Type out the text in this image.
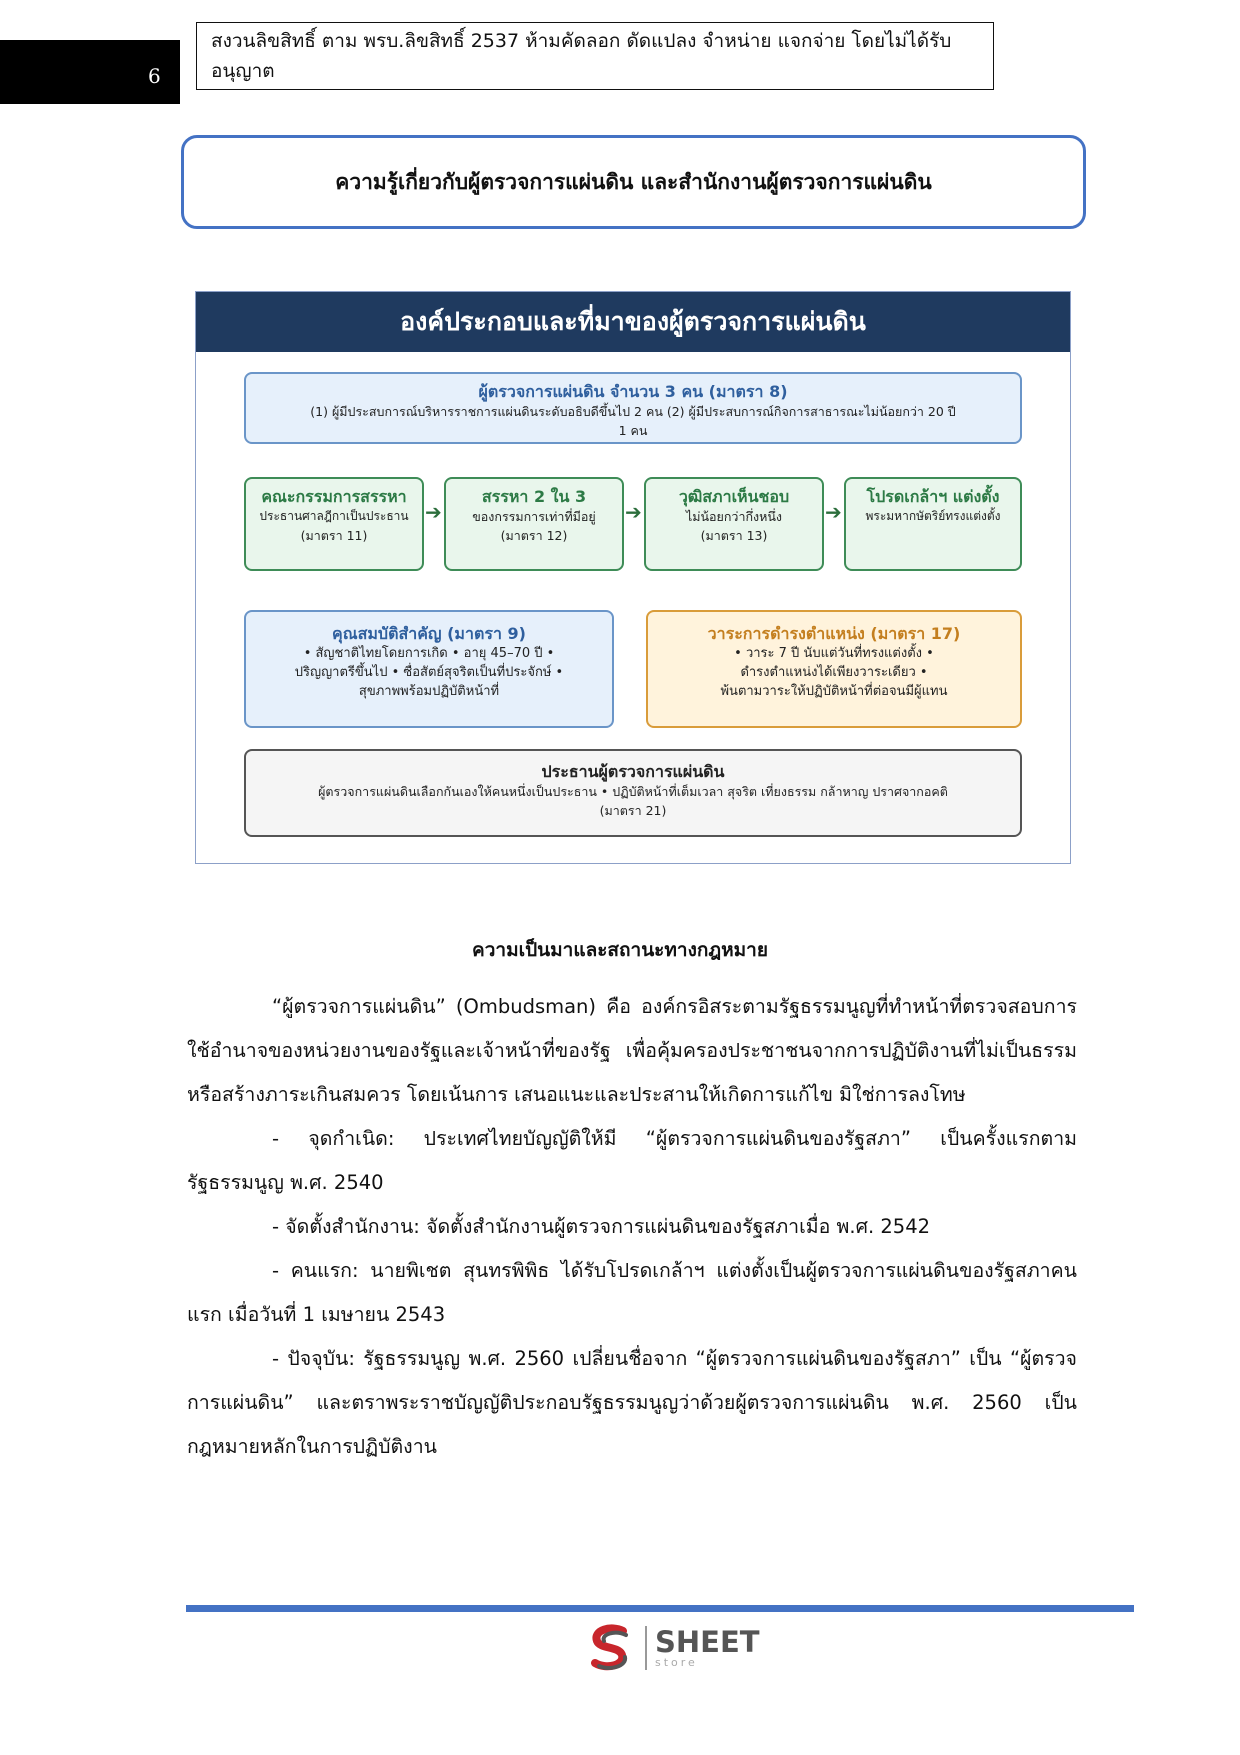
6
สงวนลิขสิทธิ์ ตาม พรบ.ลิขสิทธิ์ 2537 ห้ามคัดลอก ดัดแปลง จำหน่าย แจกจ่าย โดยไม่ได้รับอนุญาต
ความรู้เกี่ยวกับผู้ตรวจการแผ่นดิน และสำนักงานผู้ตรวจการแผ่นดิน
องค์ประกอบและที่มาของผู้ตรวจการแผ่นดิน
ผู้ตรวจการแผ่นดิน จำนวน 3 คน (มาตรา 8)
(1) ผู้มีประสบการณ์บริหารราชการแผ่นดินระดับอธิบดีขึ้นไป 2 คน (2) ผู้มีประสบการณ์กิจการสาธารณะไม่น้อยกว่า 20 ปี
1 คน
คณะกรรมการสรรหา
ประธานศาลฎีกาเป็นประธาน
(มาตรา 11)
➔
สรรหา 2 ใน 3
ของกรรมการเท่าที่มีอยู่
(มาตรา 12)
➔
วุฒิสภาเห็นชอบ
ไม่น้อยกว่ากึ่งหนึ่ง
(มาตรา 13)
➔
โปรดเกล้าฯ แต่งตั้ง
พระมหากษัตริย์ทรงแต่งตั้ง
คุณสมบัติสำคัญ (มาตรา 9)
• สัญชาติไทยโดยการเกิด • อายุ 45–70 ปี •
ปริญญาตรีขึ้นไป • ซื่อสัตย์สุจริตเป็นที่ประจักษ์ •
สุขภาพพร้อมปฏิบัติหน้าที่
วาระการดำรงตำแหน่ง (มาตรา 17)
• วาระ 7 ปี นับแต่วันที่ทรงแต่งตั้ง •
ดำรงตำแหน่งได้เพียงวาระเดียว •
พ้นตามวาระให้ปฏิบัติหน้าที่ต่อจนมีผู้แทน
ประธานผู้ตรวจการแผ่นดิน
ผู้ตรวจการแผ่นดินเลือกกันเองให้คนหนึ่งเป็นประธาน • ปฏิบัติหน้าที่เต็มเวลา สุจริต เที่ยงธรรม กล้าหาญ ปราศจากอคติ
(มาตรา 21)
ความเป็นมาและสถานะทางกฎหมาย
“ผู้ตรวจการแผ่นดิน” (Ombudsman) คือ องค์กรอิสระตามรัฐธรรมนูญที่ทำหน้าที่ตรวจสอบการใช้อำนาจของหน่วยงานของรัฐและเจ้าหน้าที่ของรัฐ เพื่อคุ้มครองประชาชนจากการปฏิบัติงานที่ไม่เป็นธรรมหรือสร้างภาระเกินสมควร โดยเน้นการ เสนอแนะและประสานให้เกิดการแก้ไข มิใช่การลงโทษ
- จุดกำเนิด: ประเทศไทยบัญญัติให้มี “ผู้ตรวจการแผ่นดินของรัฐสภา” เป็นครั้งแรกตามรัฐธรรมนูญ พ.ศ. 2540
- จัดตั้งสำนักงาน: จัดตั้งสำนักงานผู้ตรวจการแผ่นดินของรัฐสภาเมื่อ พ.ศ. 2542
- คนแรก: นายพิเชต สุนทรพิพิธ ได้รับโปรดเกล้าฯ แต่งตั้งเป็นผู้ตรวจการแผ่นดินของรัฐสภาคนแรก เมื่อวันที่ 1 เมษายน 2543
- ปัจจุบัน: รัฐธรรมนูญ พ.ศ. 2560 เปลี่ยนชื่อจาก “ผู้ตรวจการแผ่นดินของรัฐสภา” เป็น “ผู้ตรวจการแผ่นดิน” และตราพระราชบัญญัติประกอบรัฐธรรมนูญว่าด้วยผู้ตรวจการแผ่นดิน พ.ศ. 2560 เป็นกฎหมายหลักในการปฏิบัติงาน
SHEET
store
